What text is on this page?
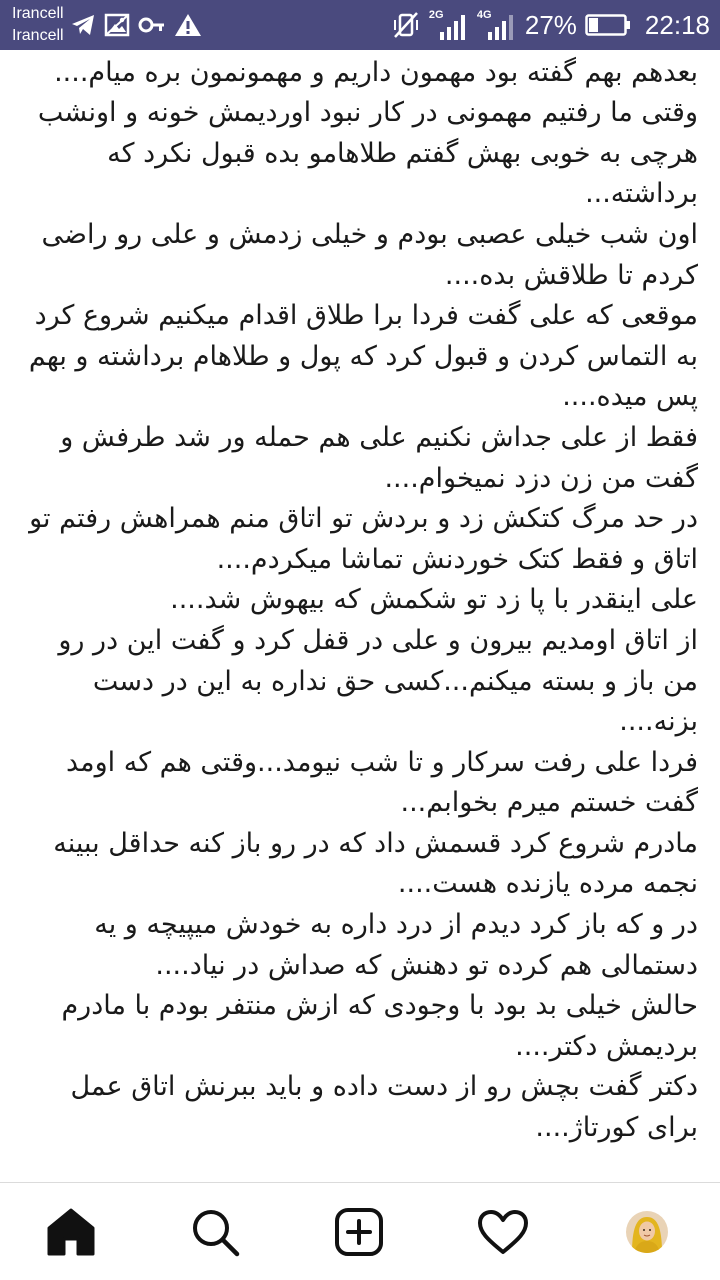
Irancell
Irancell
2G	4G 27%	22:18

بعدهم بهم گفته بود مهمون داریم و مهمونمون بره میام....

وقتی ما رفتیم مهمونی در کار نبود اوردیمش خونه و اونشب هرچی به خوبی بهش گفتم طلاهامو بده قبول نکرد که برداشته...

اون شب خیلی عصبی بودم و خیلی زدمش و علی رو راضی کردم تا طلاقش بده....

موقعی که علی گفت فردا برا طلاق اقدام میکنیم شروع کرد به التماس کردن و قبول کرد که پول و طلاهام برداشته و بهم پس میده....

فقط از علی جداش نکنیم علی هم حمله ور شد طرفش و گفت من زن دزد نمیخوام....

در حد مرگ کتکش زد و بردش تو اتاق منم همراهش رفتم تو اتاق و فقط کتک خوردنش تماشا میکردم....

علی اینقدر با پا زد تو شکمش که بیهوش شد....

از اتاق اومدیم بیرون و علی در قفل کرد و گفت این در رو من باز و بسته میکنم...کسی حق نداره به این در دست بزنه....

فردا علی رفت سرکار و تا شب نیومد...وقتی هم که اومد گفت خستم میرم بخوابم...

مادرم شروع کرد قسمش داد که در رو باز کنه حداقل ببینه نجمه مرده یازنده هست....

در و که باز کرد دیدم از درد داره به خودش میپیچه و یه دستمالی هم کرده تو دهنش که صداش در نیاد....

حالش خیلی بد بود با وجودی که ازش منتفر بودم با مادرم بردیمش دکتر....

دکتر گفت بچش رو از دست داده و باید ببرنش اتاق عمل برای کورتاژ....
